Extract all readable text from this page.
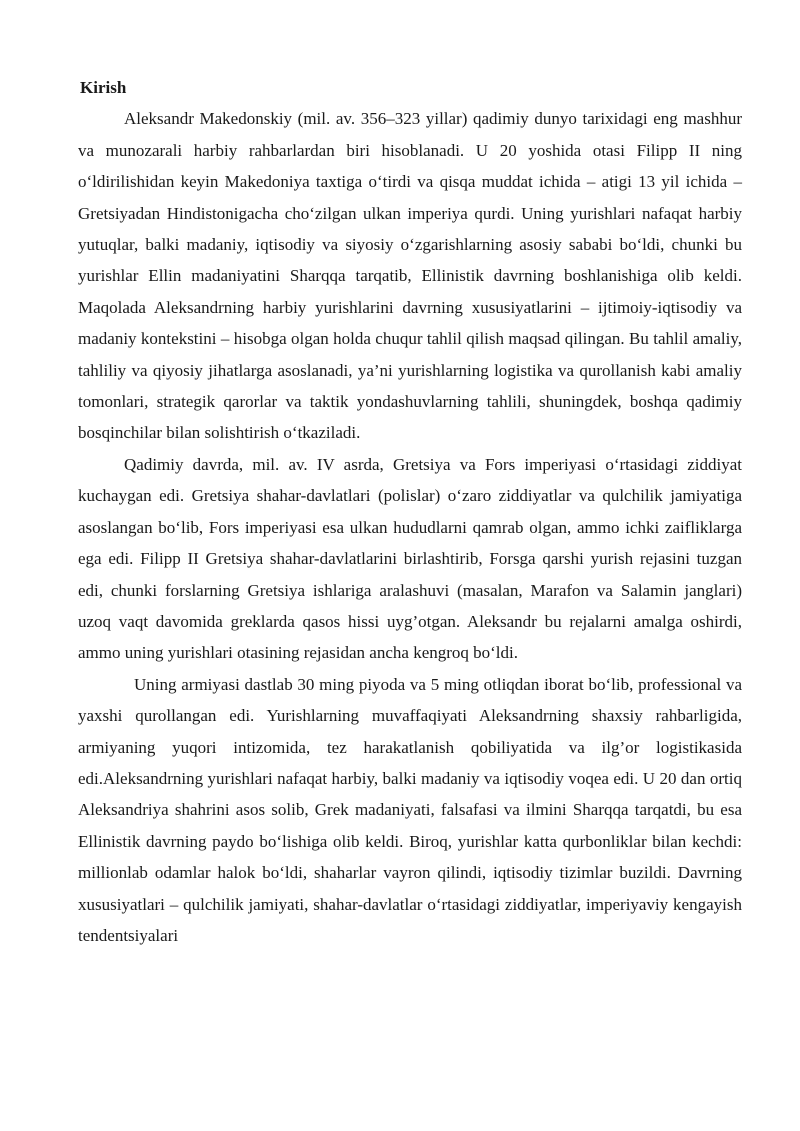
Kirish

Aleksandr Makedonskiy (mil. av. 356–323 yillar) qadimiy dunyo tarixidagi eng mashhur va munozarali harbiy rahbarlardan biri hisoblanadi. U 20 yoshida otasi Filipp II ning oʻldirilishidan keyin Makedoniya taxtiga oʻtirdi va qisqa muddat ichida – atigi 13 yil ichida – Gretsiyadan Hindistonigacha choʻzilgan ulkan imperiya qurdi. Uning yurishlari nafaqat harbiy yutuqlar, balki madaniy, iqtisodiy va siyosiy oʻzgarishlarning asosiy sababi boʻldi, chunki bu yurishlar Ellin madaniyatini Sharqqa tarqatib, Ellinistik davrning boshlanishiga olib keldi. Maqolada Aleksandrning harbiy yurishlarini davrning xususiyatlarini – ijtimoiy-iqtisodiy va madaniy kontekstini – hisobga olgan holda chuqur tahlil qilish maqsad qilingan. Bu tahlil amaliy, tahliliy va qiyosiy jihatlarga asoslanadi, ya’ni yurishlarning logistika va qurollanish kabi amaliy tomonlari, strategik qarorlar va taktik yondashuvlarning tahlili, shuningdek, boshqa qadimiy bosqinchilar bilan solishtirish oʻtkaziladi.

Qadimiy davrda, mil. av. IV asrda, Gretsiya va Fors imperiyasi oʻrtasidagi ziddiyat kuchaygan edi. Gretsiya shahar-davlatlari (polislar) oʻzaro ziddiyatlar va qulchilik jamiyatiga asoslangan boʻlib, Fors imperiyasi esa ulkan hududlarni qamrab olgan, ammo ichki zaifliklarga ega edi. Filipp II Gretsiya shahar-davlatlarini birlashtirib, Forsga qarshi yurish rejasini tuzgan edi, chunki forslarning Gretsiya ishlariga aralashuvi (masalan, Marafon va Salamin janglari) uzoq vaqt davomida greklarda qasos hissi uyg’otgan. Aleksandr bu rejalarni amalga oshirdi, ammo uning yurishlari otasining rejasidan ancha kengroq boʻldi.

Uning armiyasi dastlab 30 ming piyoda va 5 ming otliqdan iborat boʻlib, professional va yaxshi qurollangan edi. Yurishlarning muvaffaqiyati Aleksandrning shaxsiy rahbarligida, armiyaning yuqori intizomida, tez harakatlanish qobiliyatida va ilg’or logistikasida edi.Aleksandrning yurishlari nafaqat harbiy, balki madaniy va iqtisodiy voqea edi. U 20 dan ortiq Aleksandriya shahrini asos solib, Grek madaniyati, falsafasi va ilmini Sharqqa tarqatdi, bu esa Ellinistik davrning paydo boʻlishiga olib keldi. Biroq, yurishlar katta qurbonliklar bilan kechdi: millionlab odamlar halok boʻldi, shaharlar vayron qilindi, iqtisodiy tizimlar buzildi. Davrning xususiyatlari – qulchilik jamiyati, shahar-davlatlar oʻrtasidagi ziddiyatlar, imperiyaviy kengayish tendentsiyalari
